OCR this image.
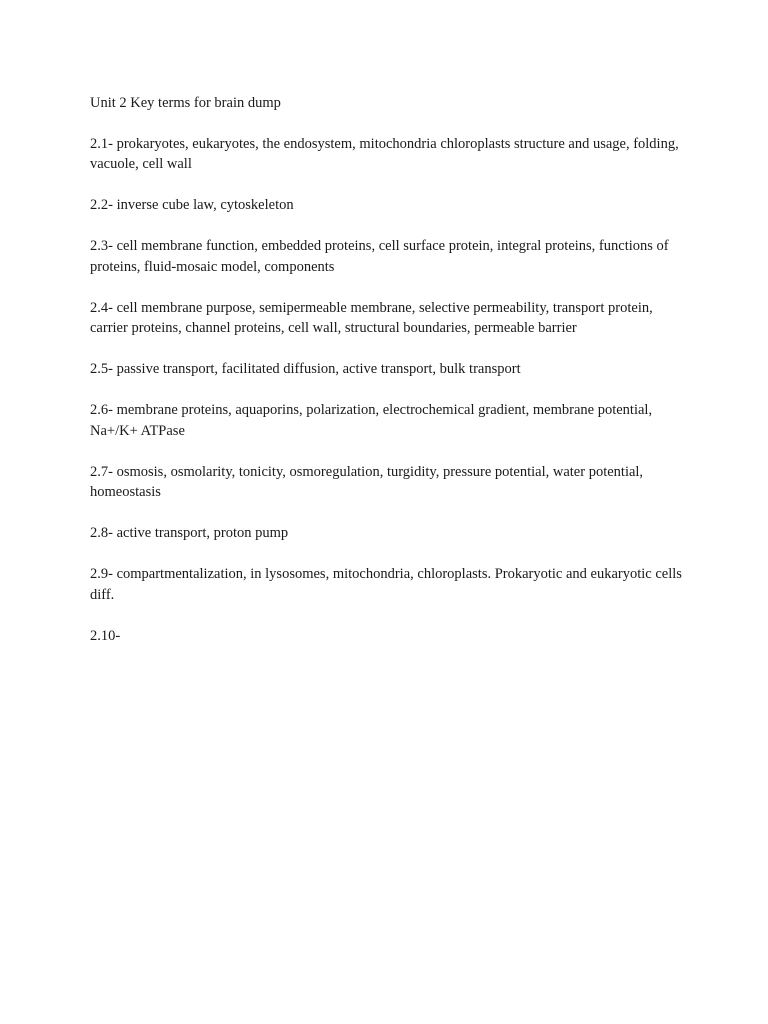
Unit 2 Key terms for brain dump

2.1- prokaryotes, eukaryotes, the endosystem, mitochondria chloroplasts structure and usage, folding, vacuole, cell wall

2.2- inverse cube law, cytoskeleton

2.3- cell membrane function, embedded proteins, cell surface protein, integral proteins, functions of proteins, fluid-mosaic model, components

2.4- cell membrane purpose, semipermeable membrane, selective permeability, transport protein, carrier proteins, channel proteins, cell wall, structural boundaries, permeable barrier

2.5- passive transport, facilitated diffusion, active transport, bulk transport

2.6- membrane proteins, aquaporins, polarization, electrochemical gradient, membrane potential, Na+/K+ ATPase

2.7- osmosis, osmolarity, tonicity, osmoregulation, turgidity, pressure potential, water potential, homeostasis

2.8- active transport, proton pump

2.9- compartmentalization, in lysosomes, mitochondria, chloroplasts. Prokaryotic and eukaryotic cells diff.

2.10-
